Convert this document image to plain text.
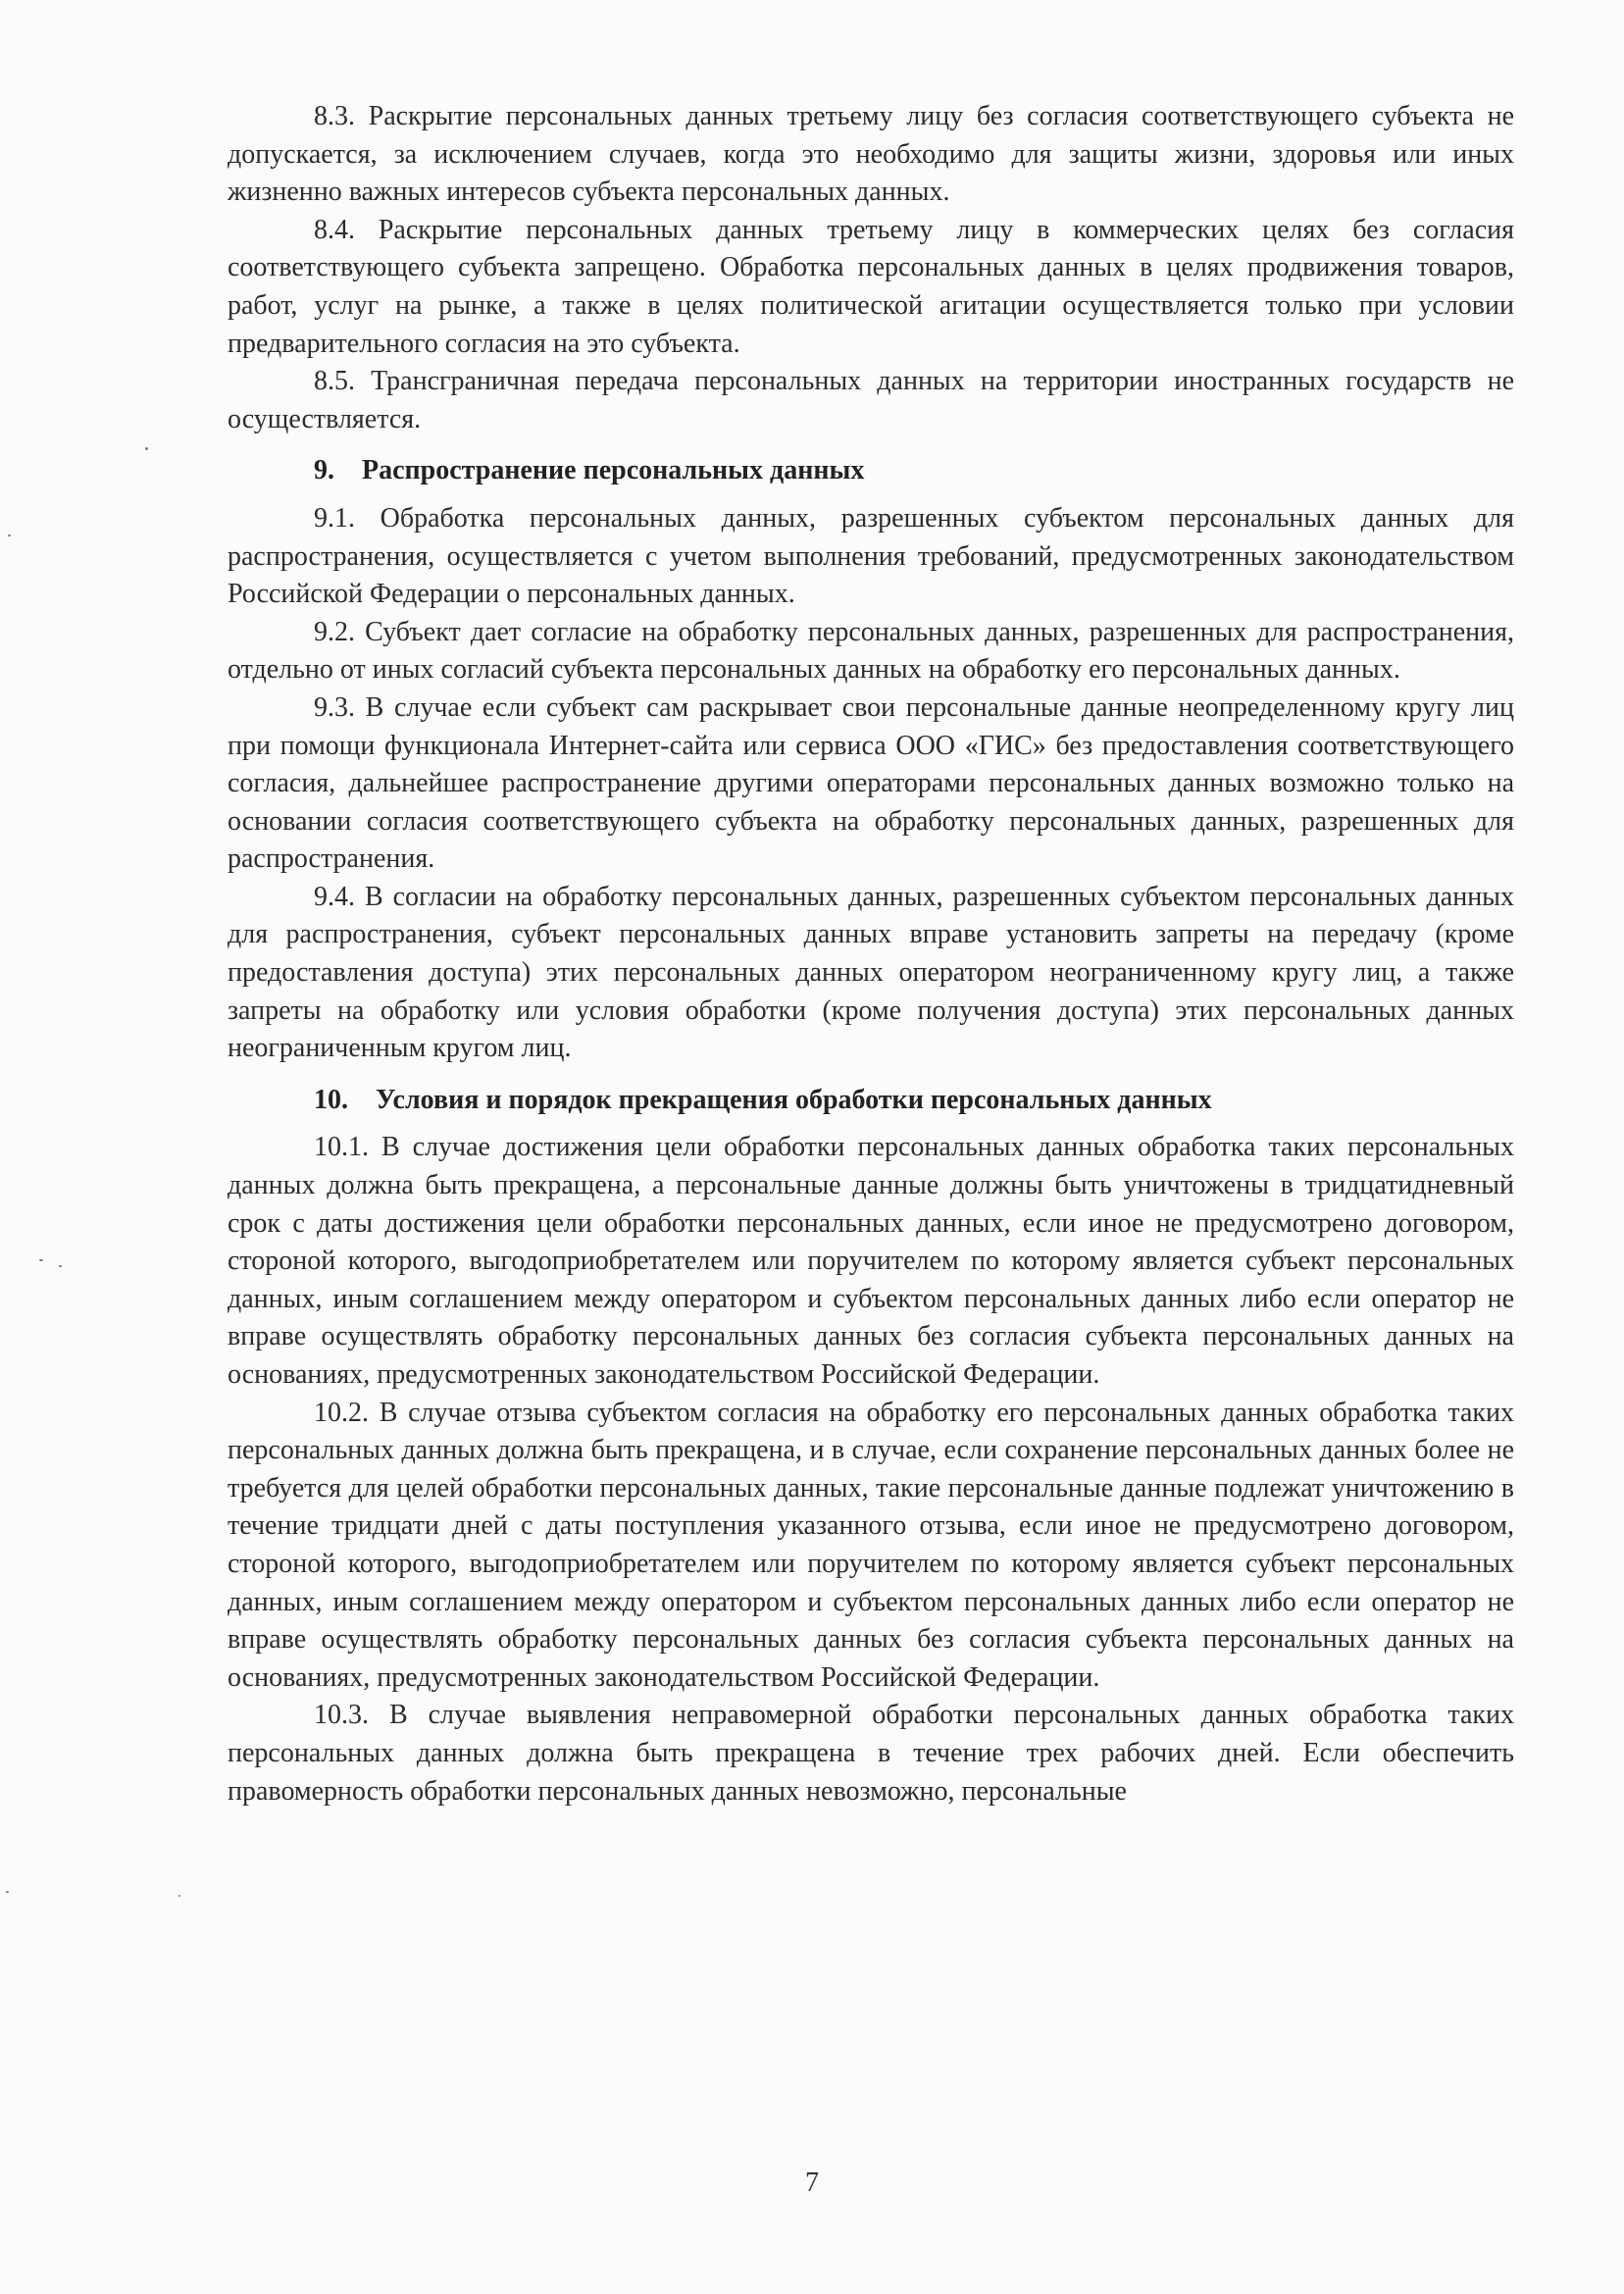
8.3. Раскрытие персональных данных третьему лицу без согласия соответствующего субъекта не допускается, за исключением случаев, когда это необходимо для защиты жизни, здоровья или иных жизненно важных интересов субъекта персональных данных.

8.4. Раскрытие персональных данных третьему лицу в коммерческих целях без согласия соответствующего субъекта запрещено. Обработка персональных данных в целях продвижения товаров, работ, услуг на рынке, а также в целях политической агитации осуществляется только при условии предварительного согласия на это субъекта.

8.5. Трансграничная передача персональных данных на территории иностранных государств не осуществляется.

9. Распространение персональных данных

9.1. Обработка персональных данных, разрешенных субъектом персональных данных для распространения, осуществляется с учетом выполнения требований, предусмотренных законодательством Российской Федерации о персональных данных.

9.2. Субъект дает согласие на обработку персональных данных, разрешенных для распространения, отдельно от иных согласий субъекта персональных данных на обработку его персональных данных.

9.3. В случае если субъект сам раскрывает свои персональные данные неопределенному кругу лиц при помощи функционала Интернет-сайта или сервиса ООО «ГИС» без предоставления соответствующего согласия, дальнейшее распространение другими операторами персональных данных возможно только на основании согласия соответствующего субъекта на обработку персональных данных, разрешенных для распространения.

9.4. В согласии на обработку персональных данных, разрешенных субъектом персональных данных для распространения, субъект персональных данных вправе установить запреты на передачу (кроме предоставления доступа) этих персональных данных оператором неограниченному кругу лиц, а также запреты на обработку или условия обработки (кроме получения доступа) этих персональных данных неограниченным кругом лиц.

10. Условия и порядок прекращения обработки персональных данных

10.1. В случае достижения цели обработки персональных данных обработка таких персональных данных должна быть прекращена, а персональные данные должны быть уничтожены в тридцатидневный срок с даты достижения цели обработки персональных данных, если иное не предусмотрено договором, стороной которого, выгодоприобретателем или поручителем по которому является субъект персональных данных, иным соглашением между оператором и субъектом персональных данных либо если оператор не вправе осуществлять обработку персональных данных без согласия субъекта персональных данных на основаниях, предусмотренных законодательством Российской Федерации.

10.2. В случае отзыва субъектом согласия на обработку его персональных данных обработка таких персональных данных должна быть прекращена, и в случае, если сохранение персональных данных более не требуется для целей обработки персональных данных, такие персональные данные подлежат уничтожению в течение тридцати дней с даты поступления указанного отзыва, если иное не предусмотрено договором, стороной которого, выгодоприобретателем или поручителем по которому является субъект персональных данных, иным соглашением между оператором и субъектом персональных данных либо если оператор не вправе осуществлять обработку персональных данных без согласия субъекта персональных данных на основаниях, предусмотренных законодательством Российской Федерации.

10.3. В случае выявления неправомерной обработки персональных данных обработка таких персональных данных должна быть прекращена в течение трех рабочих дней. Если обеспечить правомерность обработки персональных данных невозможно, персональные

7
